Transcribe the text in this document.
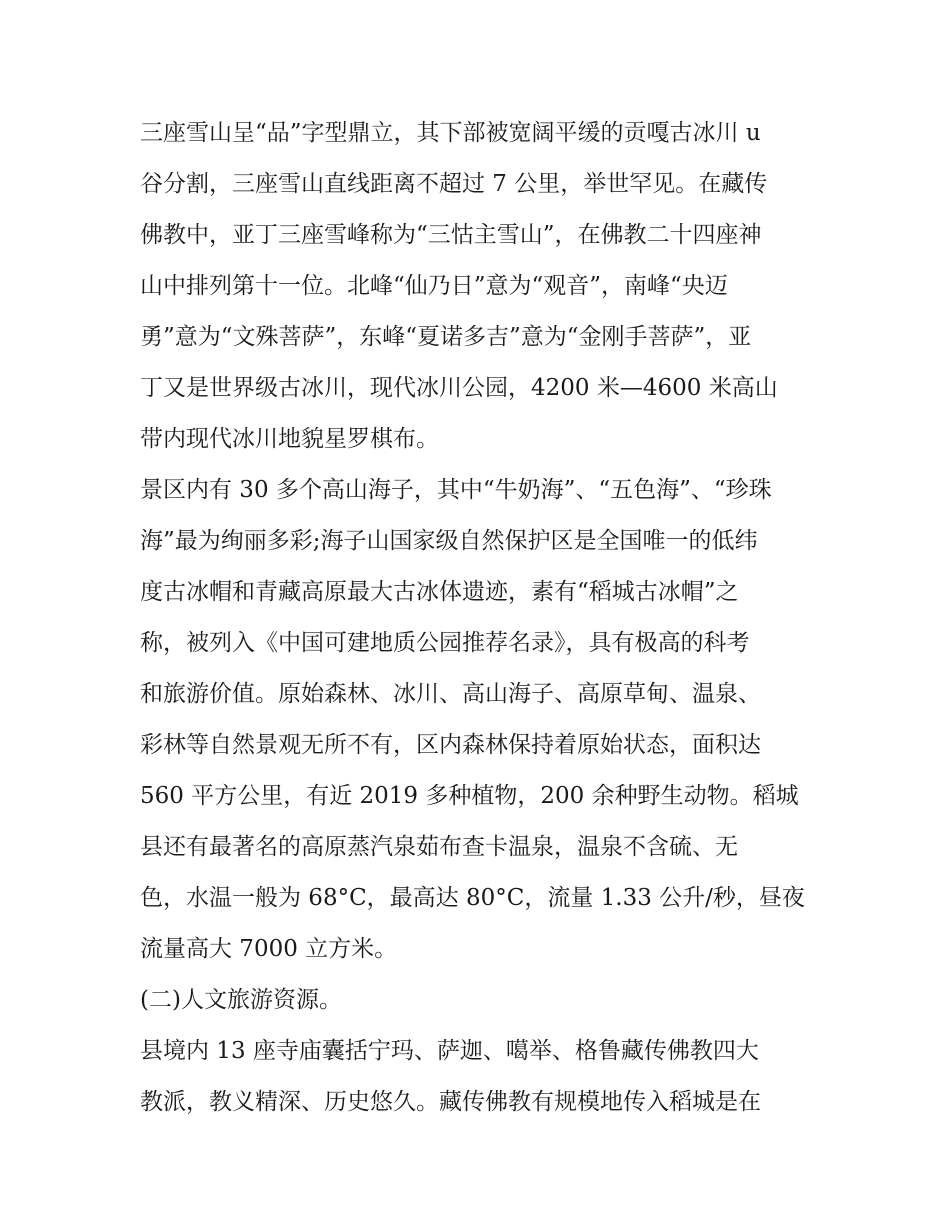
三座雪山呈“品”字型鼎立，其下部被宽阔平缓的贡嘎古冰川 u
谷分割，三座雪山直线距离不超过 7 公里，举世罕见。在藏传
佛教中，亚丁三座雪峰称为“三怙主雪山”，在佛教二十四座神
山中排列第十一位。北峰“仙乃日”意为“观音”，南峰“央迈
勇”意为“文殊菩萨”，东峰“夏诺多吉”意为“金刚手菩萨”，亚
丁又是世界级古冰川，现代冰川公园，4200 米—4600 米高山
带内现代冰川地貌星罗棋布。
景区内有 30 多个高山海子，其中“牛奶海”、“五色海”、“珍珠
海”最为绚丽多彩;海子山国家级自然保护区是全国唯一的低纬
度古冰帽和青藏高原最大古冰体遗迹，素有“稻城古冰帽”之
称，被列入《中国可建地质公园推荐名录》，具有极高的科考
和旅游价值。原始森林、冰川、高山海子、高原草甸、温泉、
彩林等自然景观无所不有，区内森林保持着原始状态，面积达
560 平方公里，有近 2019 多种植物，200 余种野生动物。稻城
县还有最著名的高原蒸汽泉茹布查卡温泉，温泉不含硫、无
色，水温一般为 68°C，最高达 80°C，流量 1.33 公升/秒，昼夜
流量高大 7000 立方米。
(二)人文旅游资源。
县境内 13 座寺庙囊括宁玛、萨迦、噶举、格鲁藏传佛教四大
教派，教义精深、历史悠久。藏传佛教有规模地传入稻城是在
